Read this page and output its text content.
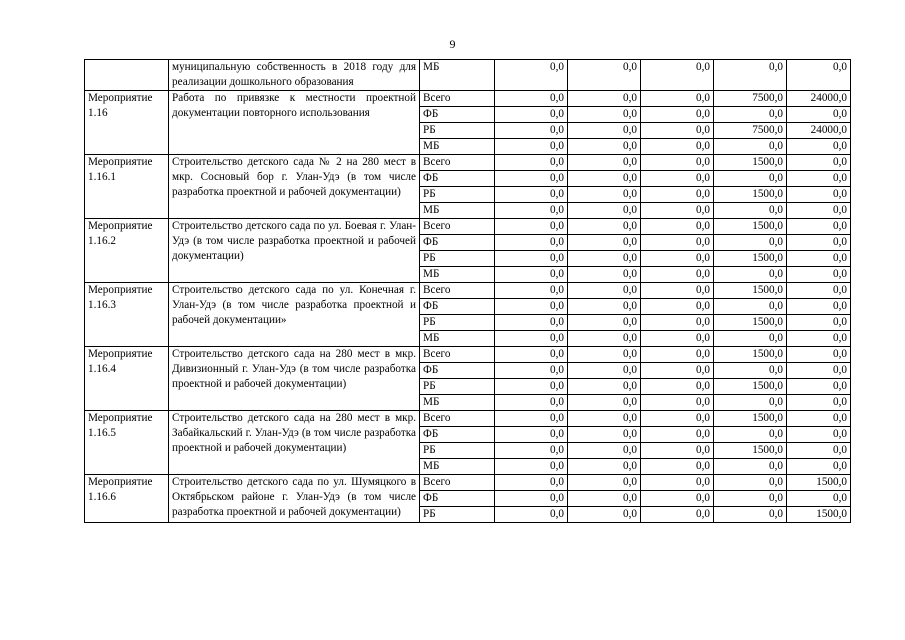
9
	муниципальную собственность в 2018 году для реализации дошкольного образования	МБ	0,0	0,0	0,0	0,0	0,0
Мероприятие 1.16	Работа по привязке к местности проектной документации повторного использования	Всего	0,0	0,0	0,0	7500,0	24000,0
		ФБ	0,0	0,0	0,0	0,0	0,0
		РБ	0,0	0,0	0,0	7500,0	24000,0
		МБ	0,0	0,0	0,0	0,0	0,0
Мероприятие 1.16.1	Строительство детского сада № 2 на 280 мест в мкр. Сосновый бор г. Улан-Удэ (в том числе разработка проектной и рабочей документации)	Всего	0,0	0,0	0,0	1500,0	0,0
		ФБ	0,0	0,0	0,0	0,0	0,0
		РБ	0,0	0,0	0,0	1500,0	0,0
		МБ	0,0	0,0	0,0	0,0	0,0
Мероприятие 1.16.2	Строительство детского сада по ул. Боевая г. Улан-Удэ (в том числе разработка проектной и рабочей документации)	Всего	0,0	0,0	0,0	1500,0	0,0
		ФБ	0,0	0,0	0,0	0,0	0,0
		РБ	0,0	0,0	0,0	1500,0	0,0
		МБ	0,0	0,0	0,0	0,0	0,0
Мероприятие 1.16.3	Строительство детского сада по ул. Конечная г. Улан-Удэ (в том числе разработка проектной и рабочей документации»	Всего	0,0	0,0	0,0	1500,0	0,0
		ФБ	0,0	0,0	0,0	0,0	0,0
		РБ	0,0	0,0	0,0	1500,0	0,0
		МБ	0,0	0,0	0,0	0,0	0,0
Мероприятие 1.16.4	Строительство детского сада на 280 мест в мкр. Дивизионный г. Улан-Удэ (в том числе разработка проектной и рабочей документации)	Всего	0,0	0,0	0,0	1500,0	0,0
		ФБ	0,0	0,0	0,0	0,0	0,0
		РБ	0,0	0,0	0,0	1500,0	0,0
		МБ	0,0	0,0	0,0	0,0	0,0
Мероприятие 1.16.5	Строительство детского сада на 280 мест в мкр. Забайкальский г. Улан-Удэ (в том числе разработка проектной и рабочей документации)	Всего	0,0	0,0	0,0	1500,0	0,0
		ФБ	0,0	0,0	0,0	0,0	0,0
		РБ	0,0	0,0	0,0	1500,0	0,0
		МБ	0,0	0,0	0,0	0,0	0,0
Мероприятие 1.16.6	Строительство детского сада по ул. Шумяцкого в Октябрьском районе г. Улан-Удэ (в том числе разработка проектной и рабочей документации)	Всего	0,0	0,0	0,0	0,0	1500,0
		ФБ	0,0	0,0	0,0	0,0	0,0
		РБ	0,0	0,0	0,0	0,0	1500,0
